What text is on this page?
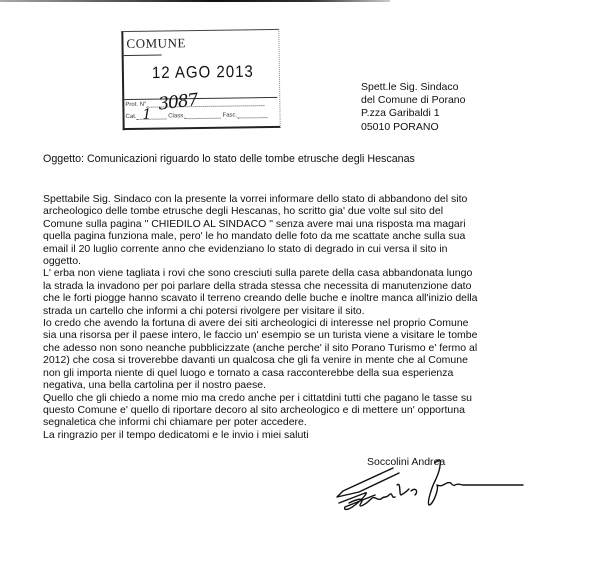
COMUNE
12 AGO 2013
Prot. N° 3087
Cat.	Class.	Fasc.
1
Spett.le Sig. Sindaco
del Comune di Porano
P.zza Garibaldi 1
05010 PORANO
Oggetto: Comunicazioni riguardo lo stato delle tombe etrusche degli Hescanas
Spettabile Sig. Sindaco con la presente la vorrei informare dello stato di abbandono del sito
archeologico delle tombe etrusche degli Hescanas, ho scritto gia' due volte sul sito del
Comune sulla pagina " CHIEDILO AL SINDACO " senza avere mai una risposta ma magari
quella pagina funziona male, pero' le ho mandato delle foto da me scattate anche sulla sua
email il 20 luglio corrente anno che evidenziano lo stato di degrado in cui versa il sito in
oggetto.
L' erba non viene tagliata i rovi che sono cresciuti sulla parete della casa abbandonata lungo
la strada la invadono per poi parlare della strada stessa che necessita di manutenzione dato
che le forti piogge hanno scavato il terreno creando delle buche e inoltre manca all'inizio della
strada un cartello che informi a chi potersi rivolgere per visitare il sito.
Io credo che avendo la fortuna di avere dei siti archeologici di interesse nel proprio Comune
sia una risorsa per il paese intero, le faccio un' esempio se un turista viene a visitare le tombe
che adesso non sono neanche pubblicizzate (anche perche' il sito Porano Turismo e' fermo al
2012) che cosa si troverebbe davanti un qualcosa che gli fa venire in mente che al Comune
non gli importa niente di quel luogo e tornato a casa racconterebbe della sua esperienza
negativa, una bella cartolina per il nostro paese.
Quello che gli chiedo a nome mio ma credo anche per i cittatdini tutti che pagano le tasse su
questo Comune e' quello di riportare decoro al sito archeologico e di mettere un' opportuna
segnaletica che informi chi chiamare per poter accedere.
La ringrazio per il tempo dedicatomi e le invio i miei saluti
Soccolini Andrea
